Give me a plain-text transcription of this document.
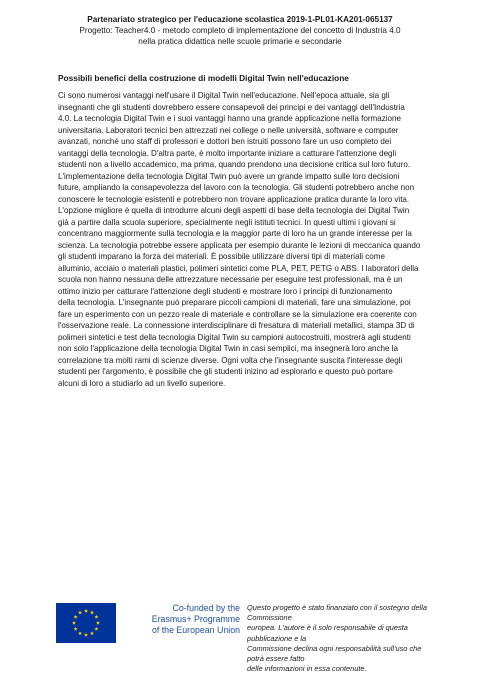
Partenariato strategico per l'educazione scolastica 2019-1-PL01-KA201-065137
Progetto: Teacher4.0 - metodo completo di implementazione del concetto di Industria 4.0
nella pratica didattica nelle scuole primarie e secondarie
Possibili benefici della costruzione di modelli Digital Twin nell'educazione
Ci sono numerosi vantaggi nell'usare il Digital Twin nell'educazione. Nell'epoca attuale, sia gli
insegnanti che gli studenti dovrebbero essere consapevoli dei principi e dei vantaggi dell'Industria
4.0. La tecnologia Digital Twin e i suoi vantaggi hanno una grande applicazione nella formazione
universitaria. Laboratori tecnici ben attrezzati nei college o nelle università, software e computer
avanzati, nonché uno staff di professori e dottori ben istruiti possono fare un uso completo dei
vantaggi della tecnologia. D'altra parte, è molto importante iniziare a catturare l'attenzione degli
studenti non a livello accademico, ma prima, quando prendono una decisione critica sul loro futuro.
L'implementazione della tecnologia Digital Twin può avere un grande impatto sulle loro decisioni
future, ampliando la consapevolezza del lavoro con la tecnologia. Gli studenti potrebbero anche non
conoscere le tecnologie esistenti e potrebbero non trovare applicazione pratica durante la loro vita.
L'opzione migliore è quella di introdurre alcuni degli aspetti di base della tecnologia dei Digital Twin
già a partire dalla scuola superiore, specialmente negli istituti tecnici. In questi ultimi i giovani si
concentrano maggiormente sulla tecnologia e la maggior parte di loro ha un grande interesse per la
scienza. La tecnologia potrebbe essere applicata per esempio durante le lezioni di meccanica quando
gli studenti imparano la forza dei materiali. È possibile utilizzare diversi tipi di materiali come
alluminio, acciaio o materiali plastici, polimeri sintetici come PLA, PET, PETG o ABS. I laboratori della
scuola non hanno nessuna delle attrezzature necessarie per eseguire test professionali, ma è un
ottimo inizio per catturare l'attenzione degli studenti e mostrare loro i principi di funzionamento
della tecnologia. L'insegnante può preparare piccoli campioni di materiali, fare una simulazione, poi
fare un esperimento con un pezzo reale di materiale e controllare se la simulazione era coerente con
l'osservazione reale. La connessione interdisciplinare di fresatura di materiali metallici, stampa 3D di
polimeri sintetici e test della tecnologia Digital Twin su campioni autocostruiti, mostrerà agli studenti
non solo l'applicazione della tecnologia Digital Twin in casi semplici, ma insegnerà loro anche la
correlazione tra molti rami di scienze diverse. Ogni volta che l'insegnante suscita l'interesse degli
studenti per l'argomento, è possibile che gli studenti inizino ad esplorarlo e questo può portare
alcuni di loro a studiarlo ad un livello superiore.
Co-funded by the
Erasmus+ Programme
of the European Union
Questo progetto è stato finanziato con il sostegno della Commissione
europea. L'autore è il solo responsabile di questa pubblicazione e la
Commissione declina ogni responsabilità sull'uso che potrà essere fatto
delle informazioni in essa contenute.
